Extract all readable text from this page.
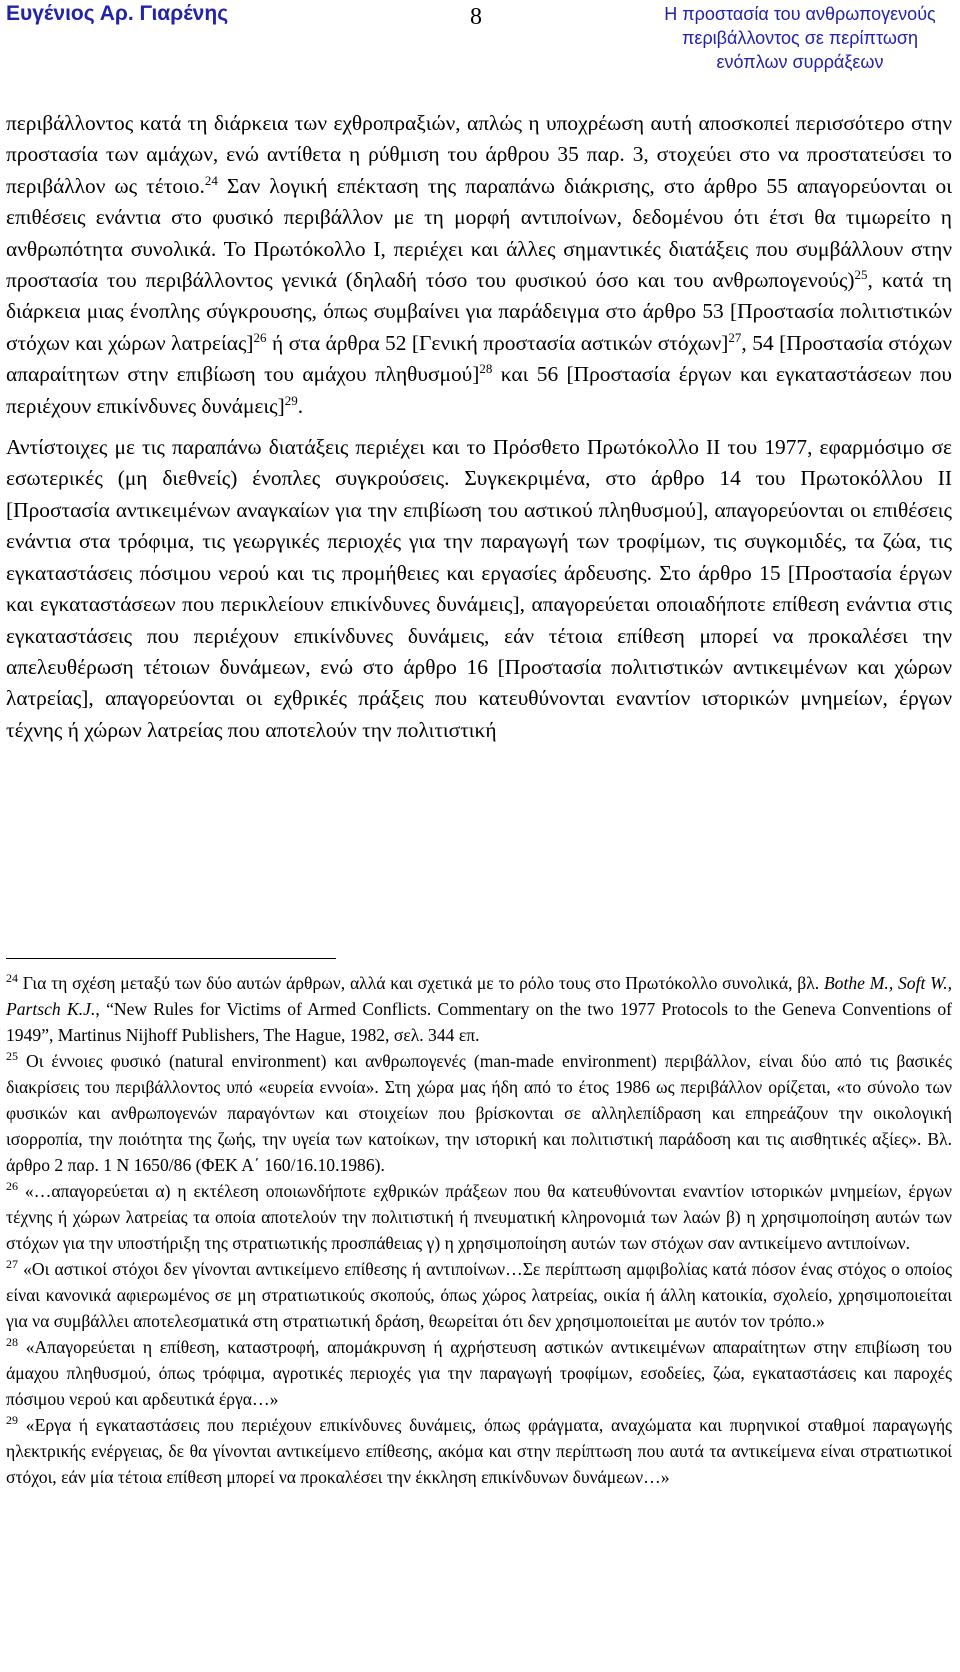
Ευγένιος Αρ. Γιαρένης	8	Η προστασία του ανθρωπογενούς
περιβάλλοντος σε περίπτωση
ενόπλων συρράξεων

περιβάλλοντος κατά τη διάρκεια των εχθροπραξιών, απλώς η υποχρέωση αυτή αποσκοπεί περισσότερο στην προστασία των αμάχων, ενώ αντίθετα η ρύθμιση του άρθρου 35 παρ. 3, στοχεύει στο να προστατεύσει το περιβάλλον ως τέτοιο.$^{24}$ Σαν λογική επέκταση της παραπάνω διάκρισης, στο άρθρο 55 απαγορεύονται οι επιθέσεις ενάντια στο φυσικό περιβάλλον με τη μορφή αντιποίνων, δεδομένου ότι έτσι θα τιμωρείτο η ανθρωπότητα συνολικά. Το Πρωτόκολλο Ι, περιέχει και άλλες σημαντικές διατάξεις που συμβάλλουν στην προστασία του περιβάλλοντος γενικά (δηλαδή τόσο του φυσικού όσο και του ανθρωπογενούς)$^{25}$, κατά τη διάρκεια μιας ένοπλης σύγκρουσης, όπως συμβαίνει για παράδειγμα στο άρθρο 53 [Προστασία πολιτιστικών στόχων και χώρων λατρείας]$^{26}$ ή στα άρθρα 52 [Γενική προστασία αστικών στόχων]$^{27}$, 54 [Προστασία στόχων απαραίτητων στην επιβίωση του αμάχου πληθυσμού]$^{28}$ και 56 [Προστασία έργων και εγκαταστάσεων που περιέχουν επικίνδυνες δυνάμεις]$^{29}$.

Αντίστοιχες με τις παραπάνω διατάξεις περιέχει και το Πρόσθετο Πρωτόκολλο ΙΙ του 1977, εφαρμόσιμο σε εσωτερικές (μη διεθνείς) ένοπλες συγκρούσεις. Συγκεκριμένα, στο άρθρο 14 του Πρωτοκόλλου ΙΙ [Προστασία αντικειμένων αναγκαίων για την επιβίωση του αστικού πληθυσμού], απαγορεύονται οι επιθέσεις ενάντια στα τρόφιμα, τις γεωργικές περιοχές για την παραγωγή των τροφίμων, τις συγκομιδές, τα ζώα, τις εγκαταστάσεις πόσιμου νερού και τις προμήθειες και εργασίες άρδευσης. Στο άρθρο 15 [Προστασία έργων και εγκαταστάσεων που περικλείουν επικίνδυνες δυνάμεις], απαγορεύεται οποιαδήποτε επίθεση ενάντια στις εγκαταστάσεις που περιέχουν επικίνδυνες δυνάμεις, εάν τέτοια επίθεση μπορεί να προκαλέσει την απελευθέρωση τέτοιων δυνάμεων, ενώ στο άρθρο 16 [Προστασία πολιτιστικών αντικειμένων και χώρων λατρείας], απαγορεύονται οι εχθρικές πράξεις που κατευθύνονται εναντίον ιστορικών μνημείων, έργων τέχνης ή χώρων λατρείας που αποτελούν την πολιτιστική

$^{24}$ Για τη σχέση μεταξύ των δύο αυτών άρθρων, αλλά και σχετικά με το ρόλο τους στο Πρωτόκολλο συνολικά, βλ. Bothe M., Soft W., Partsch K.J., “New Rules for Victims of Armed Conflicts. Commentary on the two 1977 Protocols to the Geneva Conventions of 1949”, Martinus Nijhoff Publishers, The Hague, 1982, σελ. 344 επ.

$^{25}$ Οι έννοιες φυσικό (natural environment) και ανθρωπογενές (man-made environment) περιβάλλον, είναι δύο από τις βασικές διακρίσεις του περιβάλλοντος υπό «ευρεία εννοία». Στη χώρα μας ήδη από το έτος 1986 ως περιβάλλον ορίζεται, «το σύνολο των φυσικών και ανθρωπογενών παραγόντων και στοιχείων που βρίσκονται σε αλληλεπίδραση και επηρεάζουν την οικολογική ισορροπία, την ποιότητα της ζωής, την υγεία των κατοίκων, την ιστορική και πολιτιστική παράδοση και τις αισθητικές αξίες». Βλ. άρθρο 2 παρ. 1 Ν 1650/86 (ΦΕΚ Α΄ 160/16.10.1986).

$^{26}$ «…απαγορεύεται α) η εκτέλεση οποιωνδήποτε εχθρικών πράξεων που θα κατευθύνονται εναντίον ιστορικών μνημείων, έργων τέχνης ή χώρων λατρείας τα οποία αποτελούν την πολιτιστική ή πνευματική κληρονομιά των λαών β) η χρησιμοποίηση αυτών των στόχων για την υποστήριξη της στρατιωτικής προσπάθειας γ) η χρησιμοποίηση αυτών των στόχων σαν αντικείμενο αντιποίνων.

$^{27}$ «Οι αστικοί στόχοι δεν γίνονται αντικείμενο επίθεσης ή αντιποίνων…Σε περίπτωση αμφιβολίας κατά πόσον ένας στόχος ο οποίος είναι κανονικά αφιερωμένος σε μη στρατιωτικούς σκοπούς, όπως χώρος λατρείας, οικία ή άλλη κατοικία, σχολείο, χρησιμοποιείται για να συμβάλλει αποτελεσματικά στη στρατιωτική δράση, θεωρείται ότι δεν χρησιμοποιείται με αυτόν τον τρόπο.»

$^{28}$ «Απαγορεύεται η επίθεση, καταστροφή, απομάκρυνση ή αχρήστευση αστικών αντικειμένων απαραίτητων στην επιβίωση του άμαχου πληθυσμού, όπως τρόφιμα, αγροτικές περιοχές για την παραγωγή τροφίμων, εσοδείες, ζώα, εγκαταστάσεις και παροχές πόσιμου νερού και αρδευτικά έργα…»

$^{29}$ «Εργα ή εγκαταστάσεις που περιέχουν επικίνδυνες δυνάμεις, όπως φράγματα, αναχώματα και πυρηνικοί σταθμοί παραγωγής ηλεκτρικής ενέργειας, δε θα γίνονται αντικείμενο επίθεσης, ακόμα και στην περίπτωση που αυτά τα αντικείμενα είναι στρατιωτικοί στόχοι, εάν μία τέτοια επίθεση μπορεί να προκαλέσει την έκκληση επικίνδυνων δυνάμεων…»
